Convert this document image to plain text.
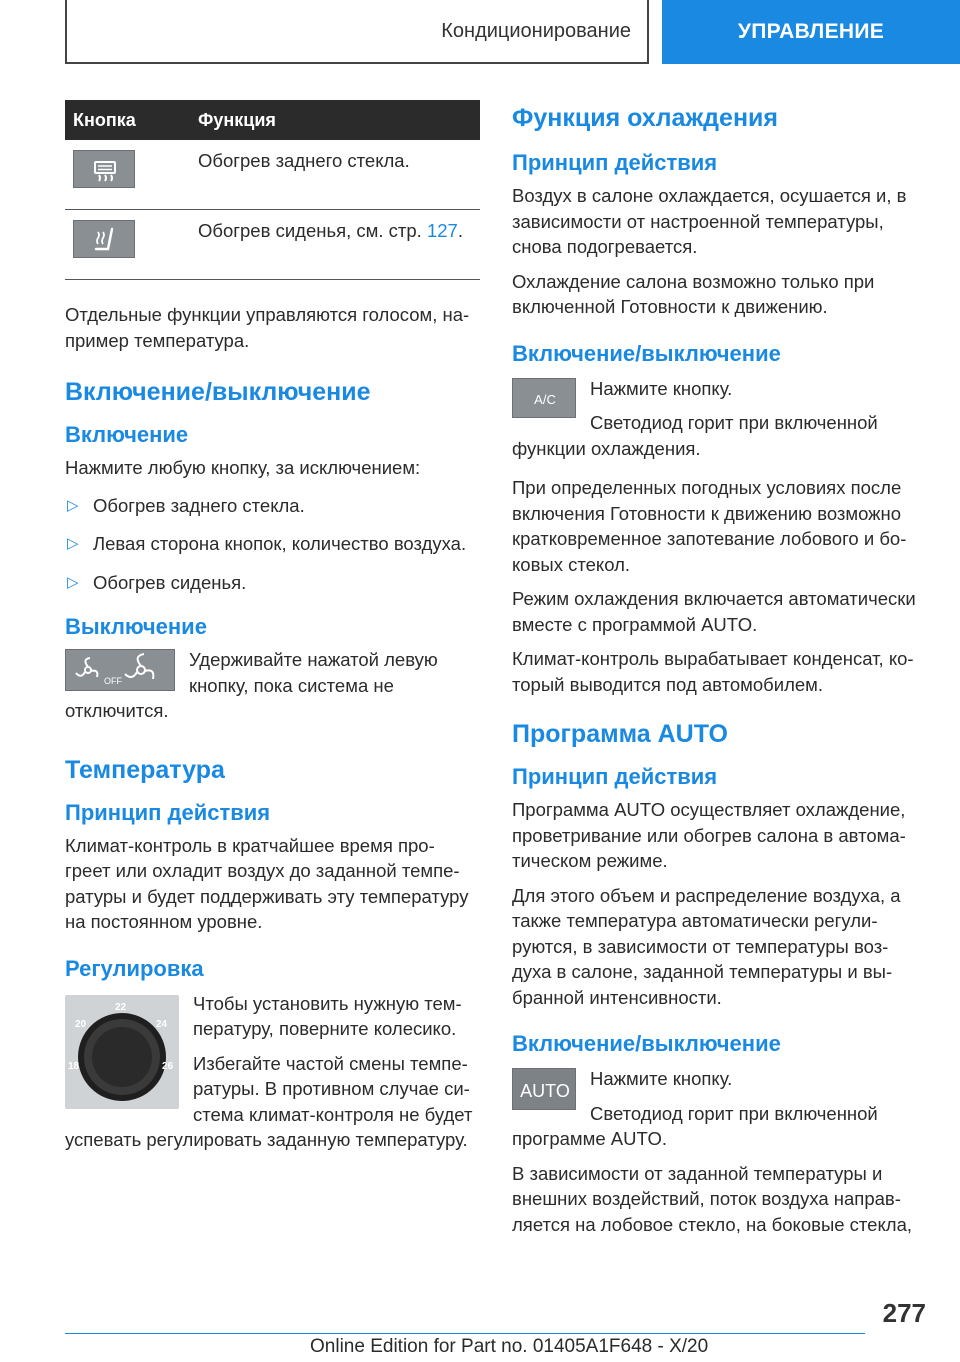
Кондиционирование	УПРАВЛЕНИЕ
Кнопка	Функция
	Обогрев заднего стекла.
	Обогрев сиденья, см. стр. 127.

Отдельные функции управляются голосом, на-пример температура.

Включение/выключение
Включение

Нажмите любую кнопку, за исключением:

▷ Обогрев заднего стекла.
▷ Левая сторона кнопок, количество воздуха.
▷ Обогрев сиденья.
Выключение
OFF

Удерживайте нажатой левую кнопку, пока система не отключится.

Температура
Принцип действия

Климат-контроль в кратчайшее время про-греет или охладит воздух до заданной темпе-ратуры и будет поддерживать эту температуру на постоянном уровне.

Регулировка
22
20	24
18	26

Чтобы установить нужную тем-пературу, поверните колесико.

Избегайте частой смены темпе-ратуры. В противном случае си-стема климат-контроля не будет успевать регулировать заданную температуру.

Функция охлаждения
Принцип действия

Воздух в салоне охлаждается, осушается и, в зависимости от настроенной температуры, снова подогревается.

Охлаждение салона возможно только при включенной Готовности к движению.

Включение/выключение
A/C

Нажмите кнопку.

Светодиод горит при включенной функции охлаждения.

При определенных погодных условиях после включения Готовности к движению возможно кратковременное запотевание лобового и бо-ковых стекол.

Режим охлаждения включается автоматически вместе с программой AUTO.

Климат-контроль вырабатывает конденсат, ко-торый выводится под автомобилем.

Программа AUTO
Принцип действия

Программа AUTO осуществляет охлаждение, проветривание или обогрев салона в автома-тическом режиме.

Для этого объем и распределение воздуха, а также температура автоматически регули-руются, в зависимости от температуры воз-духа в салоне, заданной температуры и вы-бранной интенсивности.

Включение/выключение
AUTO

Нажмите кнопку.

Светодиод горит при включенной программе AUTO.

В зависимости от заданной температуры и внешних воздействий, поток воздуха направ-ляется на лобовое стекло, на боковые стекла,

277
Online Edition for Part no. 01405A1F648 - X/20
